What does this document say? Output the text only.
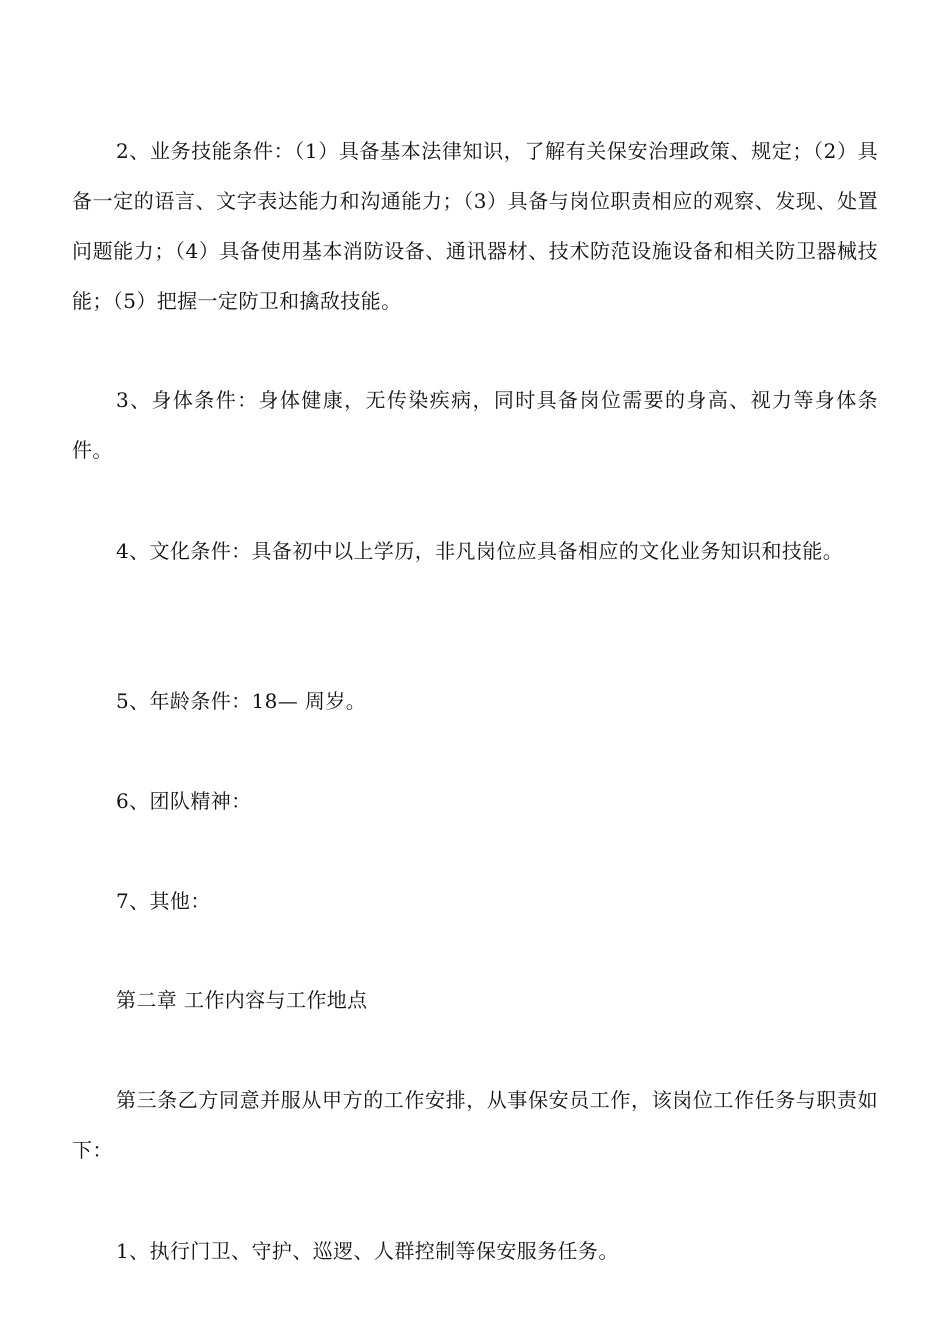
2、业务技能条件：（1）具备基本法律知识，了解有关保安治理政策、规定；（2）具备一定的语言、文字表达能力和沟通能力；（3）具备与岗位职责相应的观察、发现、处置问题能力；（4）具备使用基本消防设备、通讯器材、技术防范设施设备和相关防卫器械技能；（5）把握一定防卫和擒敌技能。

3、身体条件：身体健康，无传染疾病，同时具备岗位需要的身高、视力等身体条件。

4、文化条件：具备初中以上学历，非凡岗位应具备相应的文化业务知识和技能。

5、年龄条件：18— 周岁。

6、团队精神：

7、其他：

第二章 工作内容与工作地点

第三条乙方同意并服从甲方的工作安排，从事保安员工作，该岗位工作任务与职责如下：

1、执行门卫、守护、巡逻、人群控制等保安服务任务。
